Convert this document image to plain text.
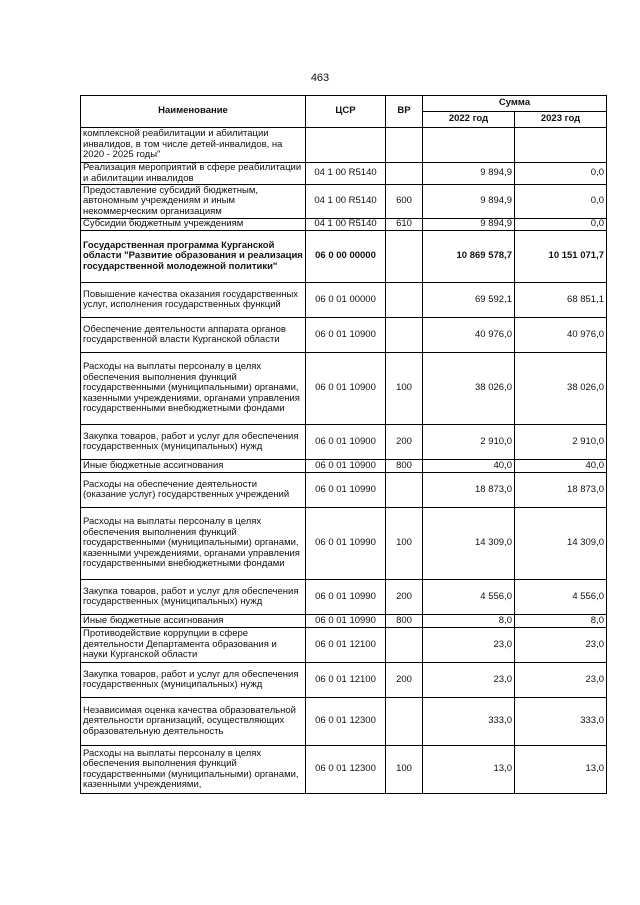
463
Наименование	ЦСР	ВР	Сумма	
			2022 год	2023 год
комплексной реабилитации и абилитации инвалидов, в том числе детей-инвалидов, на 2020 - 2025 годы"				
Реализация мероприятий в сфере реабилитации и абилитации инвалидов	04 1 00 R5140		9 894,9	0,0
Предоставление субсидий бюджетным, автономным учреждениям и иным некоммерческим организациям	04 1 00 R5140	600	9 894,9	0,0
Субсидии бюджетным учреждениям	04 1 00 R5140	610	9 894,9	0,0
Государственная программа Курганской области "Развитие образования и реализация государственной молодежной политики"	06 0 00 00000		10 869 578,7	10 151 071,7
Повышение качества оказания государственных услуг, исполнения государственных функций	06 0 01 00000		69 592,1	68 851,1
Обеспечение деятельности аппарата органов государственной власти Курганской области	06 0 01 10900		40 976,0	40 976,0
Расходы на выплаты персоналу в целях обеспечения выполнения функций государственными (муниципальными) органами, казенными учреждениями, органами управления государственными внебюджетными фондами	06 0 01 10900	100	38 026,0	38 026,0
Закупка товаров, работ и услуг для обеспечения государственных (муниципальных) нужд	06 0 01 10900	200	2 910,0	2 910,0
Иные бюджетные ассигнования	06 0 01 10900	800	40,0	40,0
Расходы на обеспечение деятельности (оказание услуг) государственных учреждений	06 0 01 10990		18 873,0	18 873,0
Расходы на выплаты персоналу в целях обеспечения выполнения функций государственными (муниципальными) органами, казенными учреждениями, органами управления государственными внебюджетными фондами	06 0 01 10990	100	14 309,0	14 309,0
Закупка товаров, работ и услуг для обеспечения государственных (муниципальных) нужд	06 0 01 10990	200	4 556,0	4 556,0
Иные бюджетные ассигнования	06 0 01 10990	800	8,0	8,0
Противодействие коррупции в сфере деятельности Департамента образования и науки Курганской области	06 0 01 12100		23,0	23,0
Закупка товаров, работ и услуг для обеспечения государственных (муниципальных) нужд	06 0 01 12100	200	23,0	23,0
Независимая оценка качества образовательной деятельности организаций, осуществляющих образовательную деятельность	06 0 01 12300		333,0	333,0
Расходы на выплаты персоналу в целях обеспечения выполнения функций государственными (муниципальными) органами, казенными учреждениями,	06 0 01 12300	100	13,0	13,0
